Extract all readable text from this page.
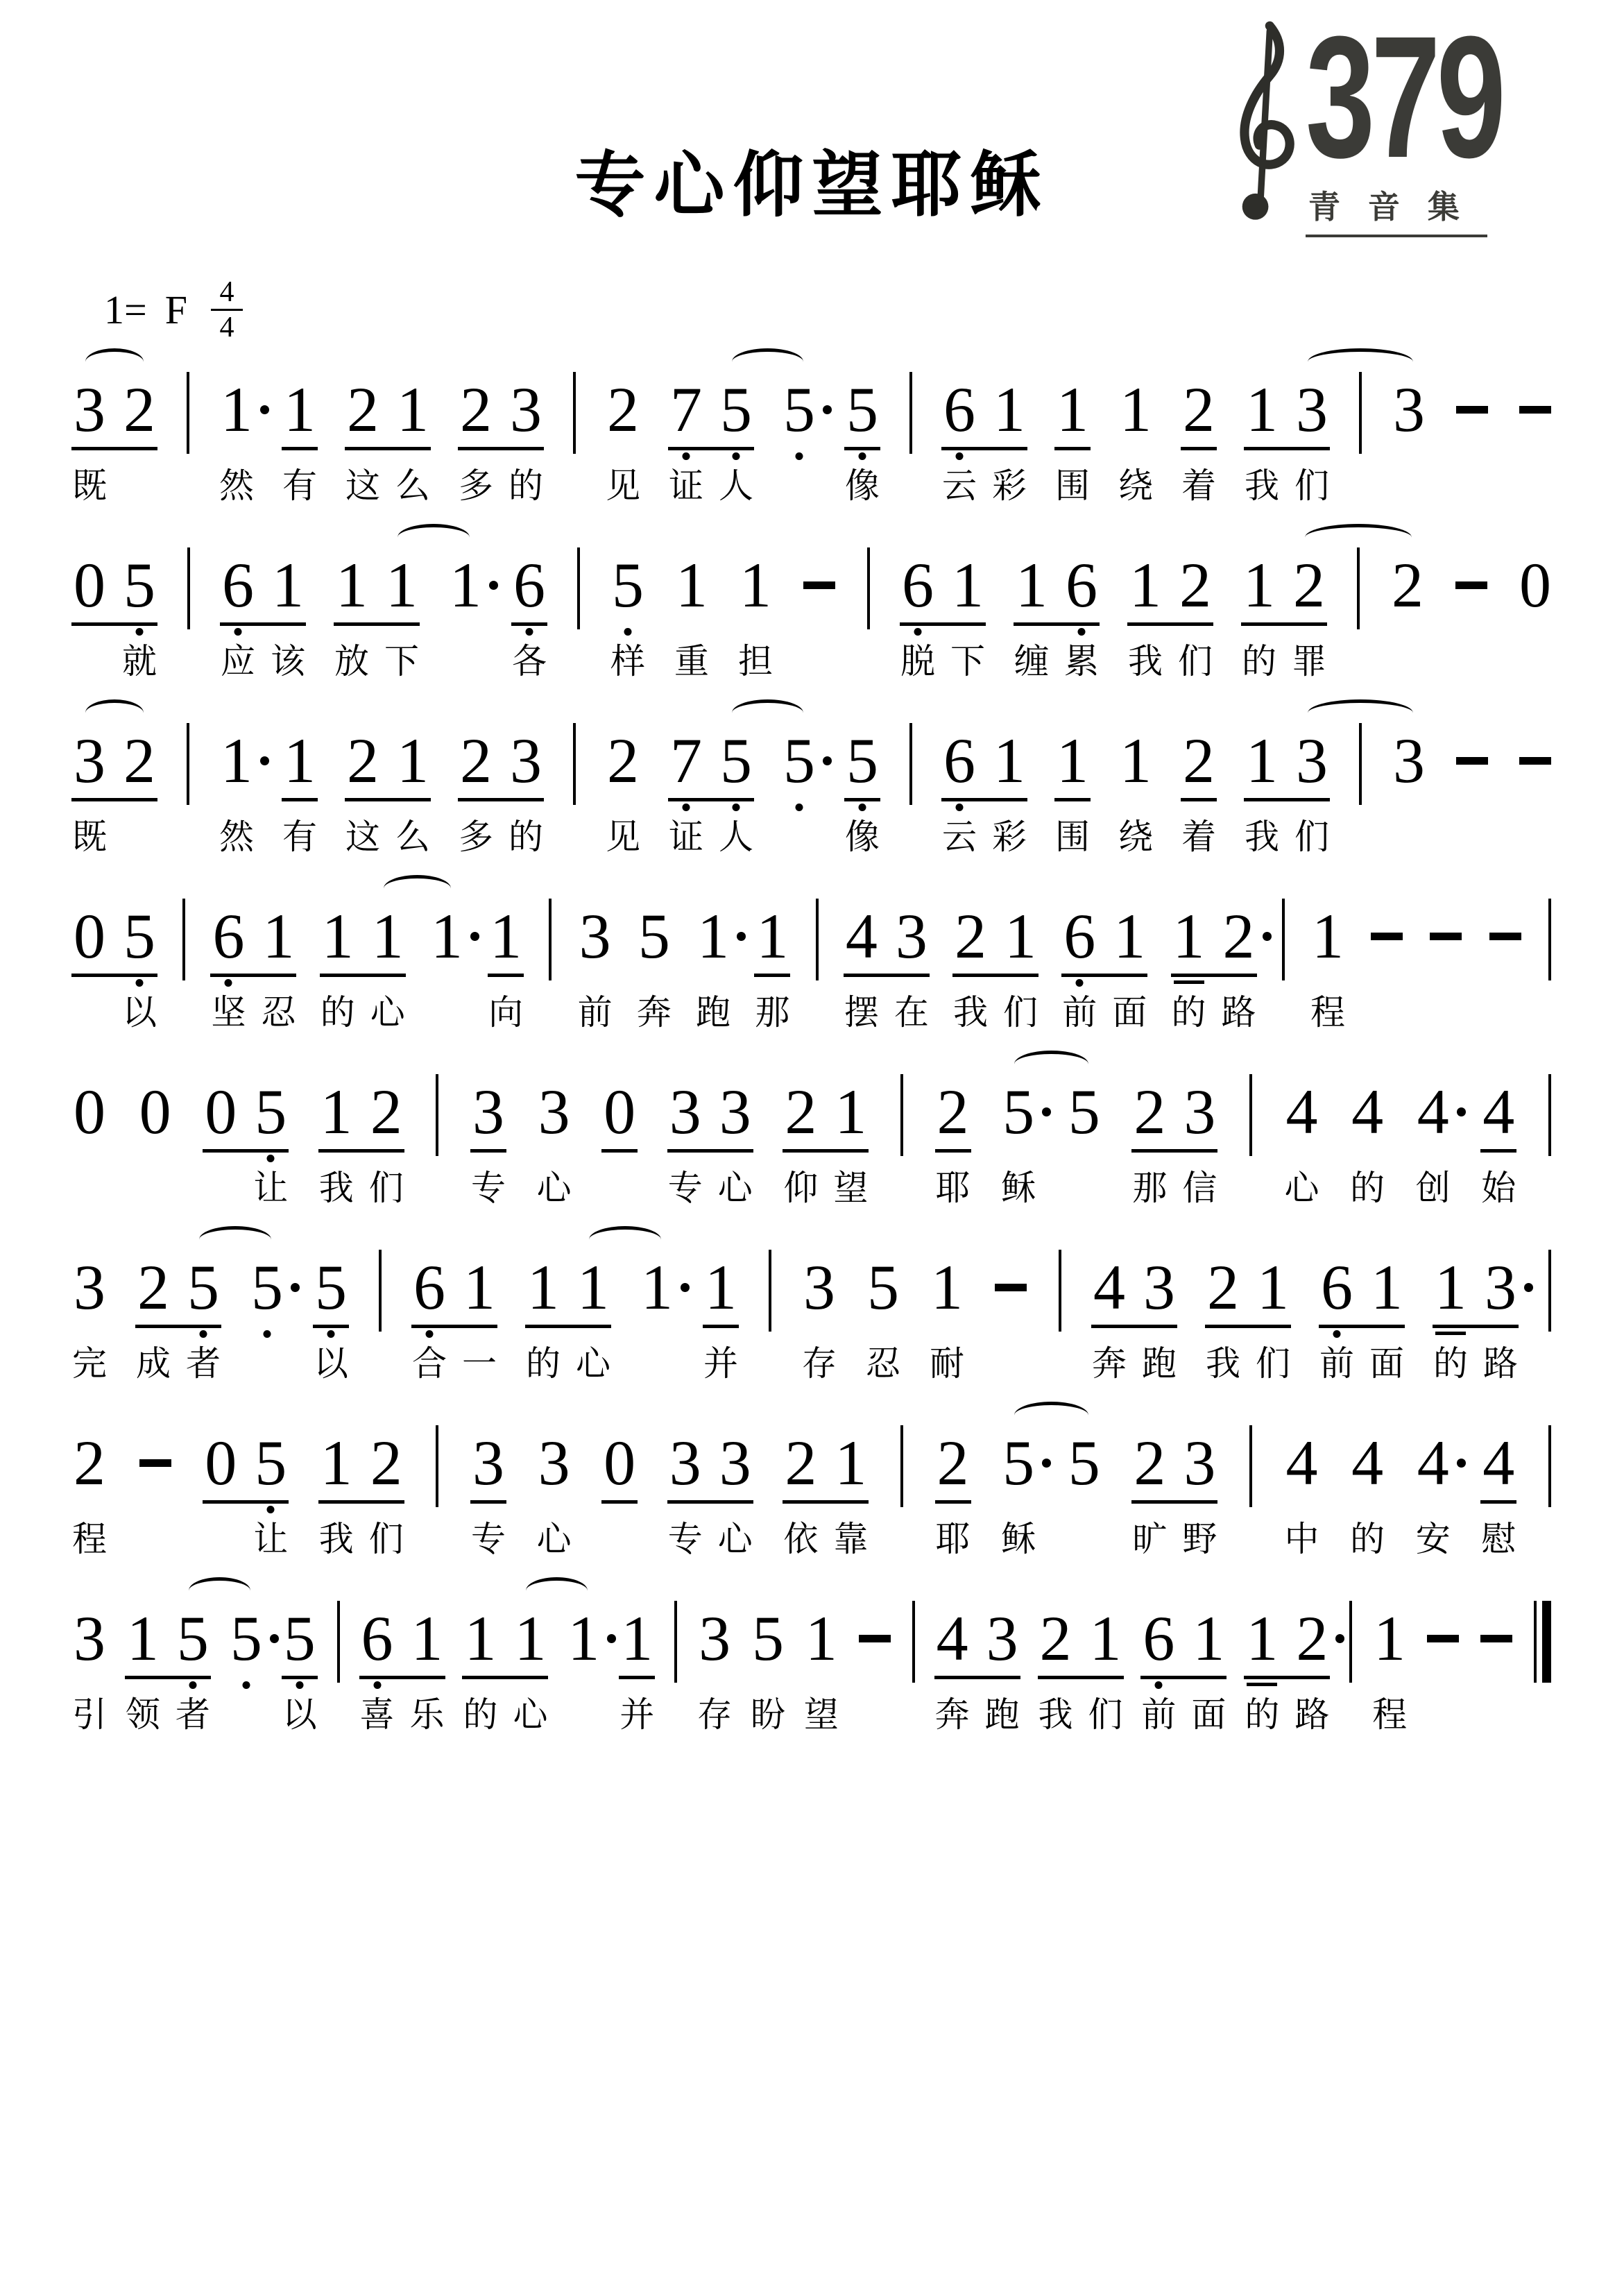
379
青音集
专心仰望耶稣
1= F $\frac{4}{4}$
3
既
2 1
然
1
有
2
这
1
么
2
多
3
的
2
见
7
证
5
人
5 5
像
6
云
1
彩
1
围
1
绕
2
着
1
我
3
们
3
0 5
就
6
应
1
该
1
放
1
下
1 6
各
5
样
1
重
1
担
6
脱
1
下
1
缠
6
累
1
我
2
们
1
的
2
罪
2 0
3
既
2 1
然
1
有
2
这
1
么
2
多
3
的
2
见
7
证
5
人
5 5
像
6
云
1
彩
1
围
1
绕
2
着
1
我
3
们
3
0 5
以
6
坚
1
忍
1
的
1
心
1 1
向
3
前
5
奔
1
跑
1
那
4
摆
3
在
2
我
1
们
6
前
1
面
1
的
2
路
1
程
0 0 0 5
让
1
我
2
们
3
专
3
心
0 3
专
3
心
2
仰
1
望
2
耶
5
稣
5 2
那
3
信
4
心
4
的
4
创
4
始
3
完
2
成
5
者
5 5
以
6
合
1
一
1
的
1
心
1 1
并
3
存
5
忍
1
耐
4
奔
3
跑
2
我
1
们
6
前
1
面
1
的
3
路
2
程
0 5
让
1
我
2
们
3
专
3
心
0 3
专
3
心
2
依
1
靠
2
耶
5
稣
5 2
旷
3
野
4
中
4
的
4
安
4
慰
3
引
1
领
5
者
5 5
以
6
喜
1
乐
1
的
1
心
1 1
并
3
存
5
盼
1
望
4
奔
3
跑
2
我
1
们
6
前
1
面
1
的
2
路
1
程
